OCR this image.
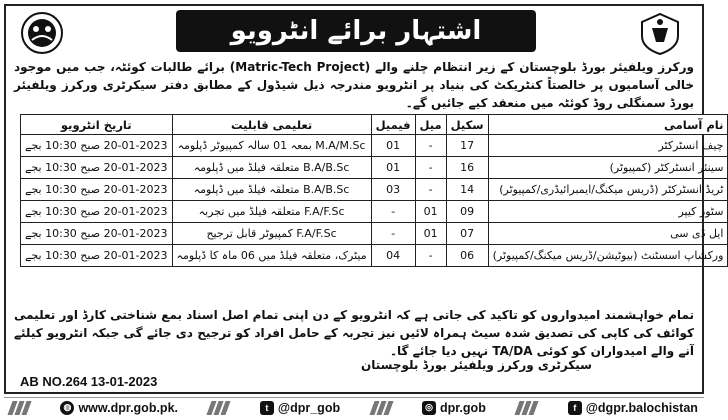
اشتہار برائے انٹرویو
ورکرز ویلفیئر بورڈ بلوچستان کے زیر انتظام چلنے والے (Matric-Tech Project) برائے طالبات کوئٹہ، جب میں موجود خالی آسامیوں پر خالصتاً کنٹریکٹ کی بنیاد پر انٹرویو مندرجہ ذیل شیڈول کے مطابق دفتر سیکرٹری ورکرز ویلفیئر بورڈ سمنگلی روڈ کوئٹہ میں منعقد کیے جائیں گے۔
نام آسامی	سکیل	میل	فیمیل	تعلیمی قابلیت	تاریخ انٹرویو
چیف انسٹرکٹر	17	-	01	M.A/M.Sc بمعہ 01 سالہ کمپیوٹر ڈپلومہ	20-01-2023 صبح 10:30 بجے
سینئر انسٹرکٹر (کمپیوٹر)	16	-	01	B.A/B.Sc متعلقہ فیلڈ میں ڈپلومہ	20-01-2023 صبح 10:30 بجے
ٹریڈ انسٹرکٹر (ڈریس میکنگ/ایمبرائیڈری/کمپیوٹر)	14	-	03	B.A/B.Sc متعلقہ فیلڈ میں ڈپلومہ	20-01-2023 صبح 10:30 بجے
سٹور کیپر	09	01	-	F.A/F.Sc متعلقہ فیلڈ میں تجربہ	20-01-2023 صبح 10:30 بجے
ایل ڈی سی	07	01	-	F.A/F.Sc کمپیوٹر قابل ترجیح	20-01-2023 صبح 10:30 بجے
ورکشاپ اسسٹنٹ (بیوٹیشن/ڈریس میکنگ/کمپیوٹر)	06	-	04	میٹرک، متعلقہ فیلڈ میں 06 ماہ کا ڈپلومہ	20-01-2023 صبح 10:30 بجے
تمام خواہشمند امیدواروں کو تاکید کی جاتی ہے کہ انٹرویو کے دن اپنی تمام اصل اسناد بمع شناختی کارڈ اور تعلیمی کوائف کی کاپی کی تصدیق شدہ سیٹ ہمراہ لائیں نیز تجربہ کے حامل افراد کو ترجیح دی جائے گی جبکہ انٹرویو کیلئے آنے والے امیدواران کو کوئی TA/DA نہیں دیا جائے گا۔
سیکرٹری ورکرز ویلفیئر بورڈ بلوچستان
AB NO.264 13-01-2023
◍ www.dpr.gob.pk.	t @dpr_gob	◎ dpr.gob	f @dgpr.balochistan
